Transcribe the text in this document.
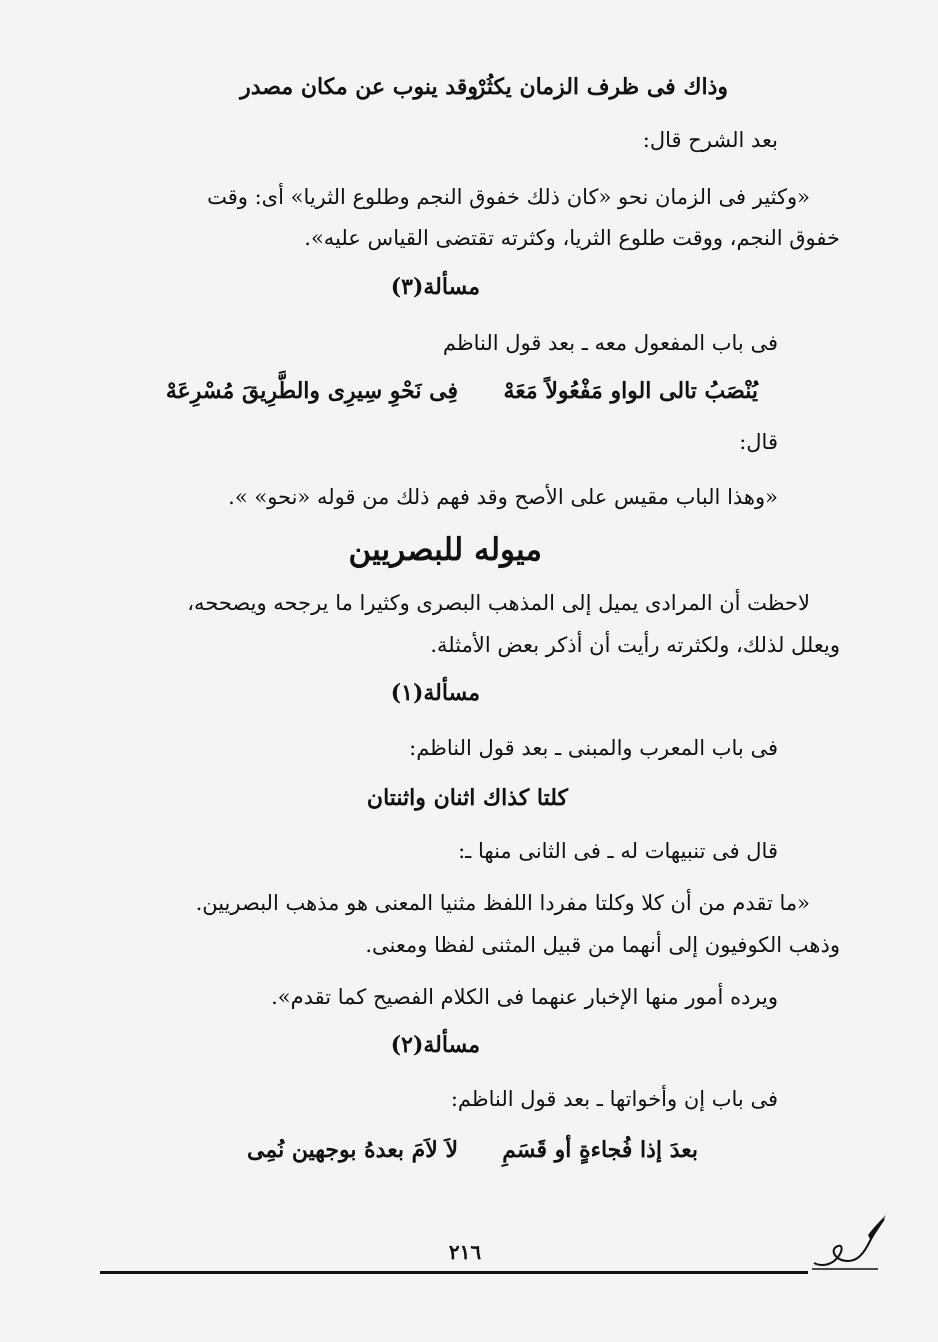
وقد ينوب عن مكان مصدر
وذاك فى ظرف الزمان يكثُرْ

بعد الشرح قال:

«وكثير فى الزمان نحو «كان ذلك خفوق النجم وطلوع الثريا» أى: وقت

خفوق النجم، ووقت طلوع الثريا، وكثرته تقتضى القياس عليه».

مسألة(٣)

فى باب المفعول معه ـ بعد قول الناظم

يُنْصَبُ تالى الواو مَفْعُولاً مَعَهْ
فِى نَحْوِ سِيرِى والطَّرِيقَ مُسْرِعَهْ

قال:

«وهذا الباب مقيس على الأصح وقد فهم ذلك من قوله «نحو» ».

ميوله للبصريين

لاحظت أن المرادى يميل إلى المذهب البصرى وكثيرا ما يرجحه ويصححه،

ويعلل لذلك، ولكثرته رأيت أن أذكر بعض الأمثلة.

مسألة(١)

فى باب المعرب والمبنى ـ بعد قول الناظم:

كلتا كذاك اثنان واثنتان

قال فى تنبيهات له ـ فى الثانى منها ـ:

«ما تقدم من أن كلا وكلتا مفردا اللفظ مثنيا المعنى هو مذهب البصريين.

وذهب الكوفيون إلى أنهما من قبيل المثنى لفظا ومعنى.

ويرده أمور منها الإخبار عنهما فى الكلام الفصيح كما تقدم».

مسألة(٢)

فى باب إن وأخواتها ـ بعد قول الناظم:

بعدَ إذا فُجاءةٍ أو قَسَمِ
لاَ لاَمَ بعدهُ بوجهين نُمِى
٢١٦
